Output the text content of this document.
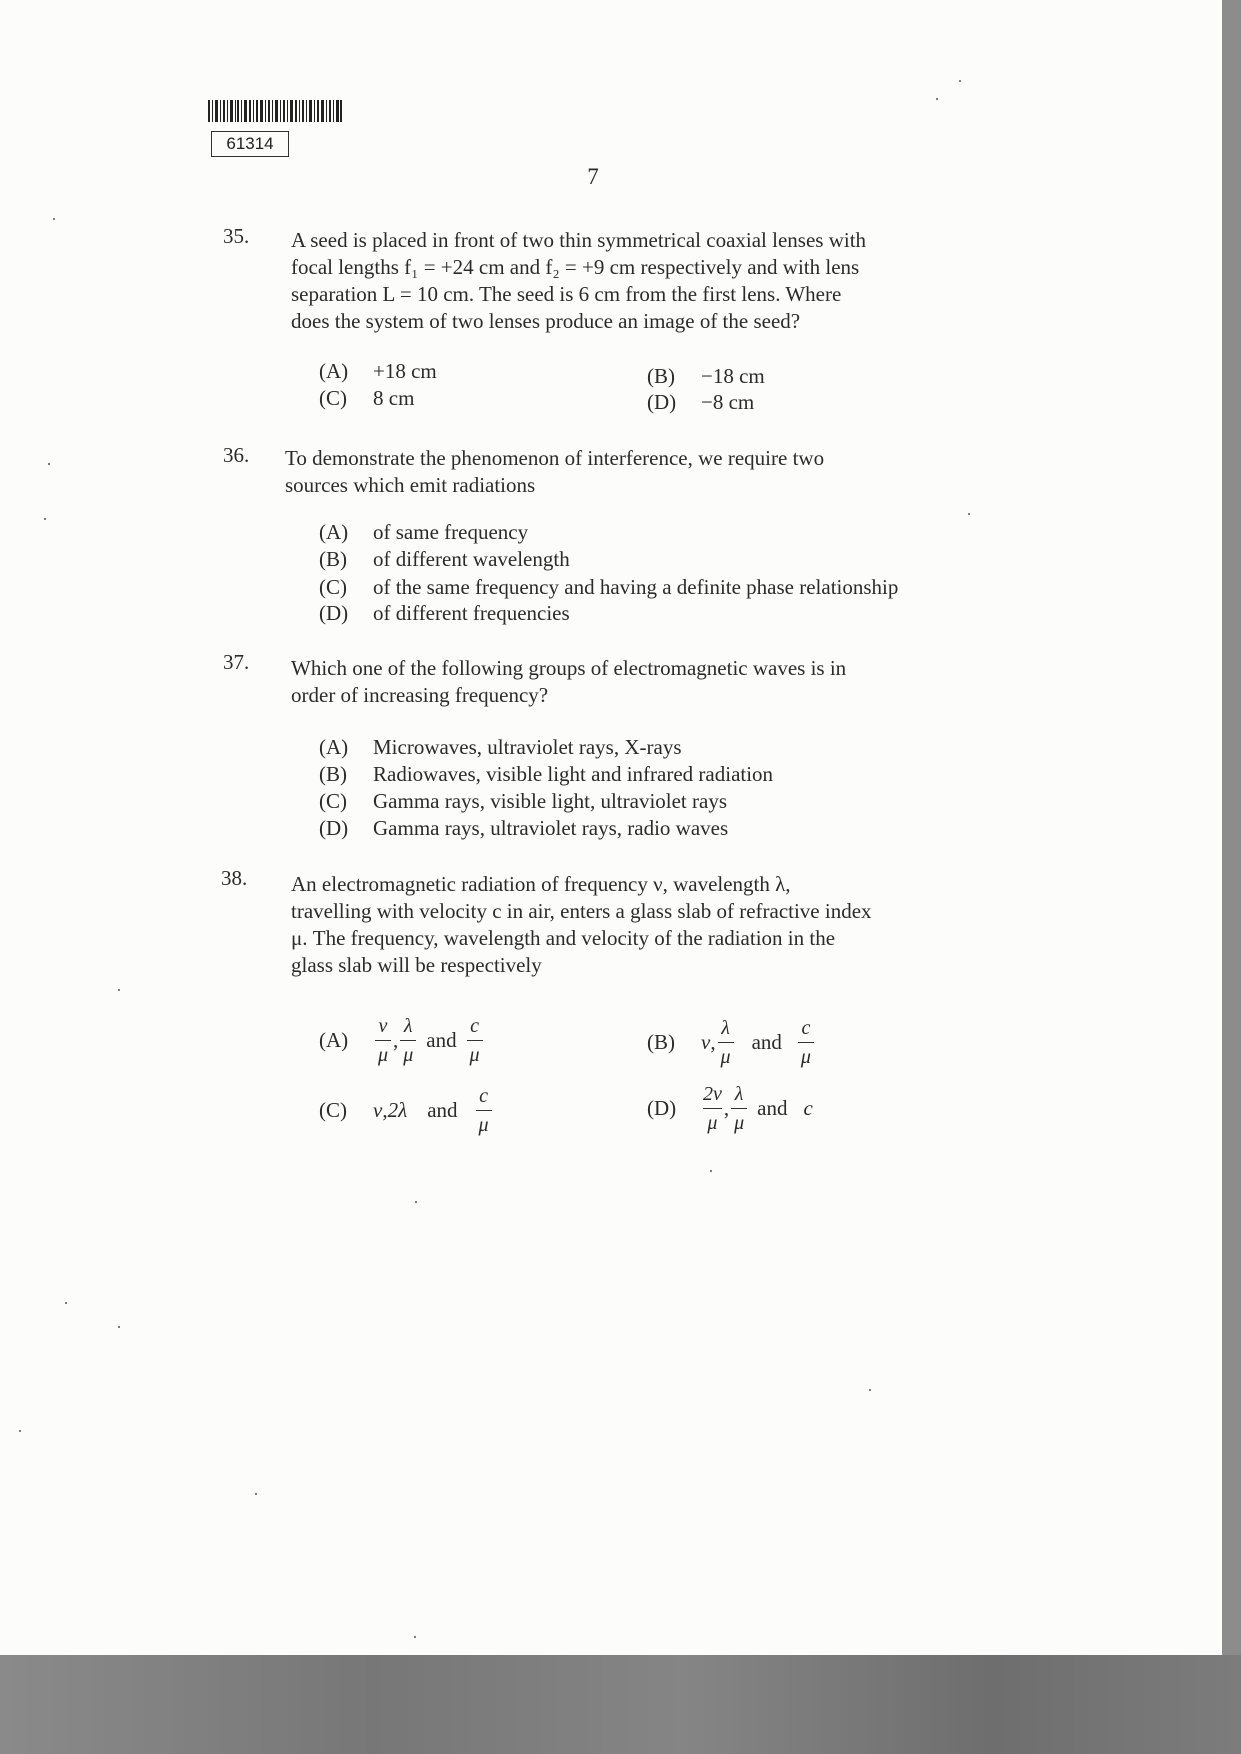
61314
7
35. A seed is placed in front of two thin symmetrical coaxial lenses with

focal lengths f₁ = +24 cm and f₂ = +9 cm respectively and with lens

separation L = 10 cm. The seed is 6 cm from the first lens. Where

does the system of two lenses produce an image of the seed?

(A) +18 cm	(B) −18 cm
(C) 8 cm	(D) −8 cm
36. To demonstrate the phenomenon of interference, we require two

sources which emit radiations

(A) of same frequency
(B) of different wavelength
(C) of the same frequency and having a definite phase relationship
(D) of different frequencies
37. Which one of the following groups of electromagnetic waves is in

order of increasing frequency?

(A) Microwaves, ultraviolet rays, X-rays
(B) Radiowaves, visible light and infrared radiation
(C) Gamma rays, visible light, ultraviolet rays
(D) Gamma rays, ultraviolet rays, radio waves
38. An electromagnetic radiation of frequency ν, wavelength λ,

travelling with velocity c in air, enters a glass slab of refractive index

μ. The frequency, wavelength and velocity of the radiation in the

glass slab will be respectively

(A)	$\frac{\nu}{\mu}$ , $\frac{\lambda}{\mu}$ and $\frac{c}{\mu}$	(B)	ν , $\frac{\lambda}{\mu}$ and $\frac{c}{\mu}$
(C)	ν , 2λ and $\frac{c}{\mu}$	(D)	$\frac{2\nu}{\mu}$ , $\frac{\lambda}{\mu}$ and c
